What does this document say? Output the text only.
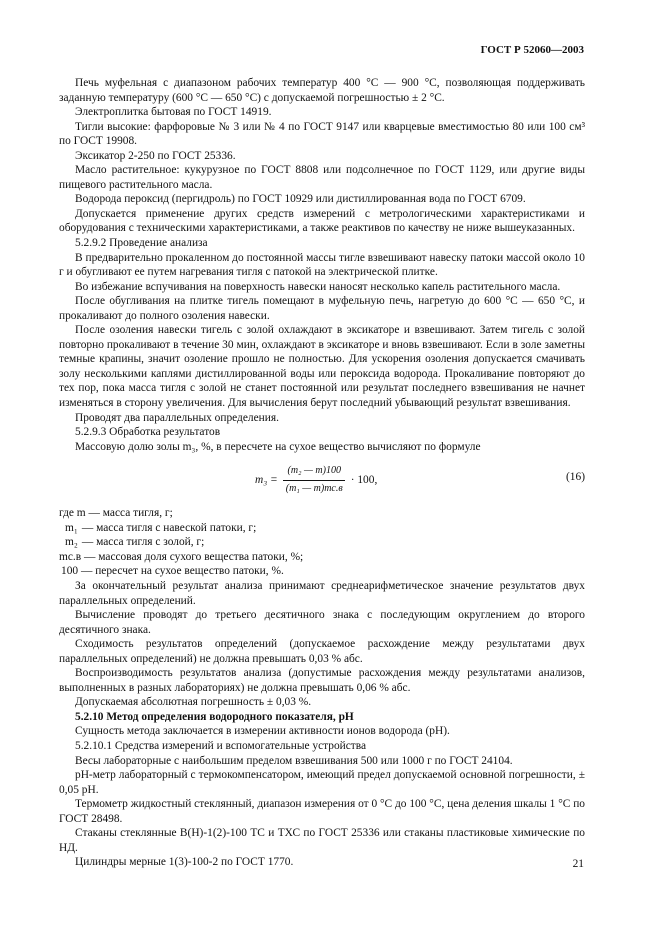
ГОСТ Р 52060—2003

Печь муфельная с диапазоном рабочих температур 400 °С — 900 °С, позволяющая поддерживать заданную температуру (600 °С — 650 °С) с допускаемой погрешностью ± 2 °С.

Электроплитка бытовая по ГОСТ 14919.

Тигли высокие: фарфоровые № 3 или № 4 по ГОСТ 9147 или кварцевые вместимостью 80 или 100 см³ по ГОСТ 19908.

Эксикатор 2-250 по ГОСТ 25336.

Масло растительное: кукурузное по ГОСТ 8808 или подсолнечное по ГОСТ 1129, или другие виды пищевого растительного масла.

Водорода пероксид (пергидроль) по ГОСТ 10929 или дистиллированная вода по ГОСТ 6709.

Допускается применение других средств измерений с метрологическими характеристиками и оборудования с техническими характеристиками, а также реактивов по качеству не ниже вышеуказанных.

5.2.9.2 Проведение анализа

В предварительно прокаленном до постоянной массы тигле взвешивают навеску патоки массой около 10 г и обугливают ее путем нагревания тигля с патокой на электрической плитке.

Во избежание вспучивания на поверхность навески наносят несколько капель растительного масла.

После обугливания на плитке тигель помещают в муфельную печь, нагретую до 600 °С — 650 °С, и прокаливают до полного озоления навески.

После озоления навески тигель с золой охлаждают в эксикаторе и взвешивают. Затем тигель с золой повторно прокаливают в течение 30 мин, охлаждают в эксикаторе и вновь взвешивают. Если в золе заметны темные крапины, значит озоление прошло не полностью. Для ускорения озоления допускается смачивать золу несколькими каплями дистиллированной воды или пероксида водорода. Прокаливание повторяют до тех пор, пока масса тигля с золой не станет постоянной или результат последнего взвешивания не начнет изменяться в сторону увеличения. Для вычисления берут последний убывающий результат взвешивания.

Проводят два параллельных определения.

5.2.9.3 Обработка результатов

Массовую долю золы m₃, %, в пересчете на сухое вещество вычисляют по формуле

$m_3 = \frac{\text{(m₂ — m)100}}{\text{(m₁ — m)mс.в}} \cdot 100$,	(16)

где m — масса тигля, г;

m₁ — масса тигля с навеской патоки, г;

m₂ — масса тигля с золой, г;

mс.в — массовая доля сухого вещества патоки, %;

100 — пересчет на сухое вещество патоки, %.

За окончательный результат анализа принимают среднеарифметическое значение результатов двух параллельных определений.

Вычисление проводят до третьего десятичного знака с последующим округлением до второго десятичного знака.

Сходимость результатов определений (допускаемое расхождение между результатами двух параллельных определений) не должна превышать 0,03 % абс.

Воспроизводимость результатов анализа (допустимые расхождения между результатами анализов, выполненных в разных лабораториях) не должна превышать 0,06 % абс.

Допускаемая абсолютная погрешность ± 0,03 %.

5.2.10 Метод определения водородного показателя, pH

Сущность метода заключается в измерении активности ионов водорода (pH).

5.2.10.1 Средства измерений и вспомогательные устройства

Весы лабораторные с наибольшим пределом взвешивания 500 или 1000 г по ГОСТ 24104.

pH-метр лабораторный с термокомпенсатором, имеющий предел допускаемой основной погрешности, ± 0,05 pH.

Термометр жидкостный стеклянный, диапазон измерения от 0 °С до 100 °С, цена деления шкалы 1 °С по ГОСТ 28498.

Стаканы стеклянные В(Н)-1(2)-100 ТС и ТХС по ГОСТ 25336 или стаканы пластиковые химические по НД.

Цилиндры мерные 1(3)-100-2 по ГОСТ 1770.	21
